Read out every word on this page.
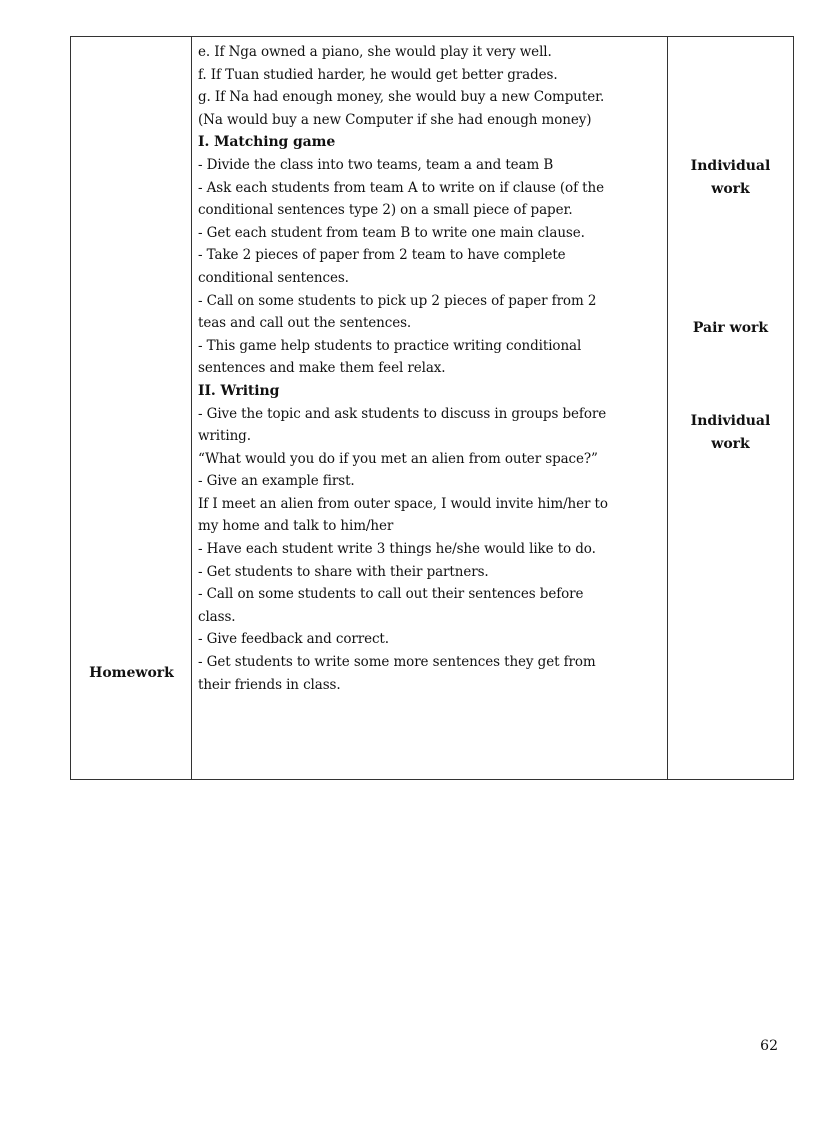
Homework
e. If Nga owned a piano, she would play it very well.
f. If Tuan studied harder, he would get better grades.
g. If Na had enough money, she would buy a new Computer.
(Na would buy a new Computer if she had enough money)
I. Matching game
- Divide the class into two teams, team a and team B
- Ask each students from team A to write on if clause (of the
conditional sentences type 2) on a small piece of paper.
- Get each student from team B to write one main clause.
- Take 2 pieces of paper from 2 team to have complete
conditional sentences.
- Call on some students to pick up 2 pieces of paper from 2
teas and call out the sentences.
- This game help students to practice writing conditional
sentences and make them feel relax.
II. Writing
- Give the topic and ask students to discuss in groups before
writing.
“What would you do if you met an alien from outer space?”
- Give an example first.
If I meet an alien from outer space, I would invite him/her to
my home and talk to him/her
- Have each student write 3 things he/she would like to do.
- Get students to share with their partners.
- Call on some students to call out their sentences before
class.
- Give feedback and correct.
- Get students to write some more sentences they get from
their friends in class.
Individual
work
Pair work
Individual
work
62
